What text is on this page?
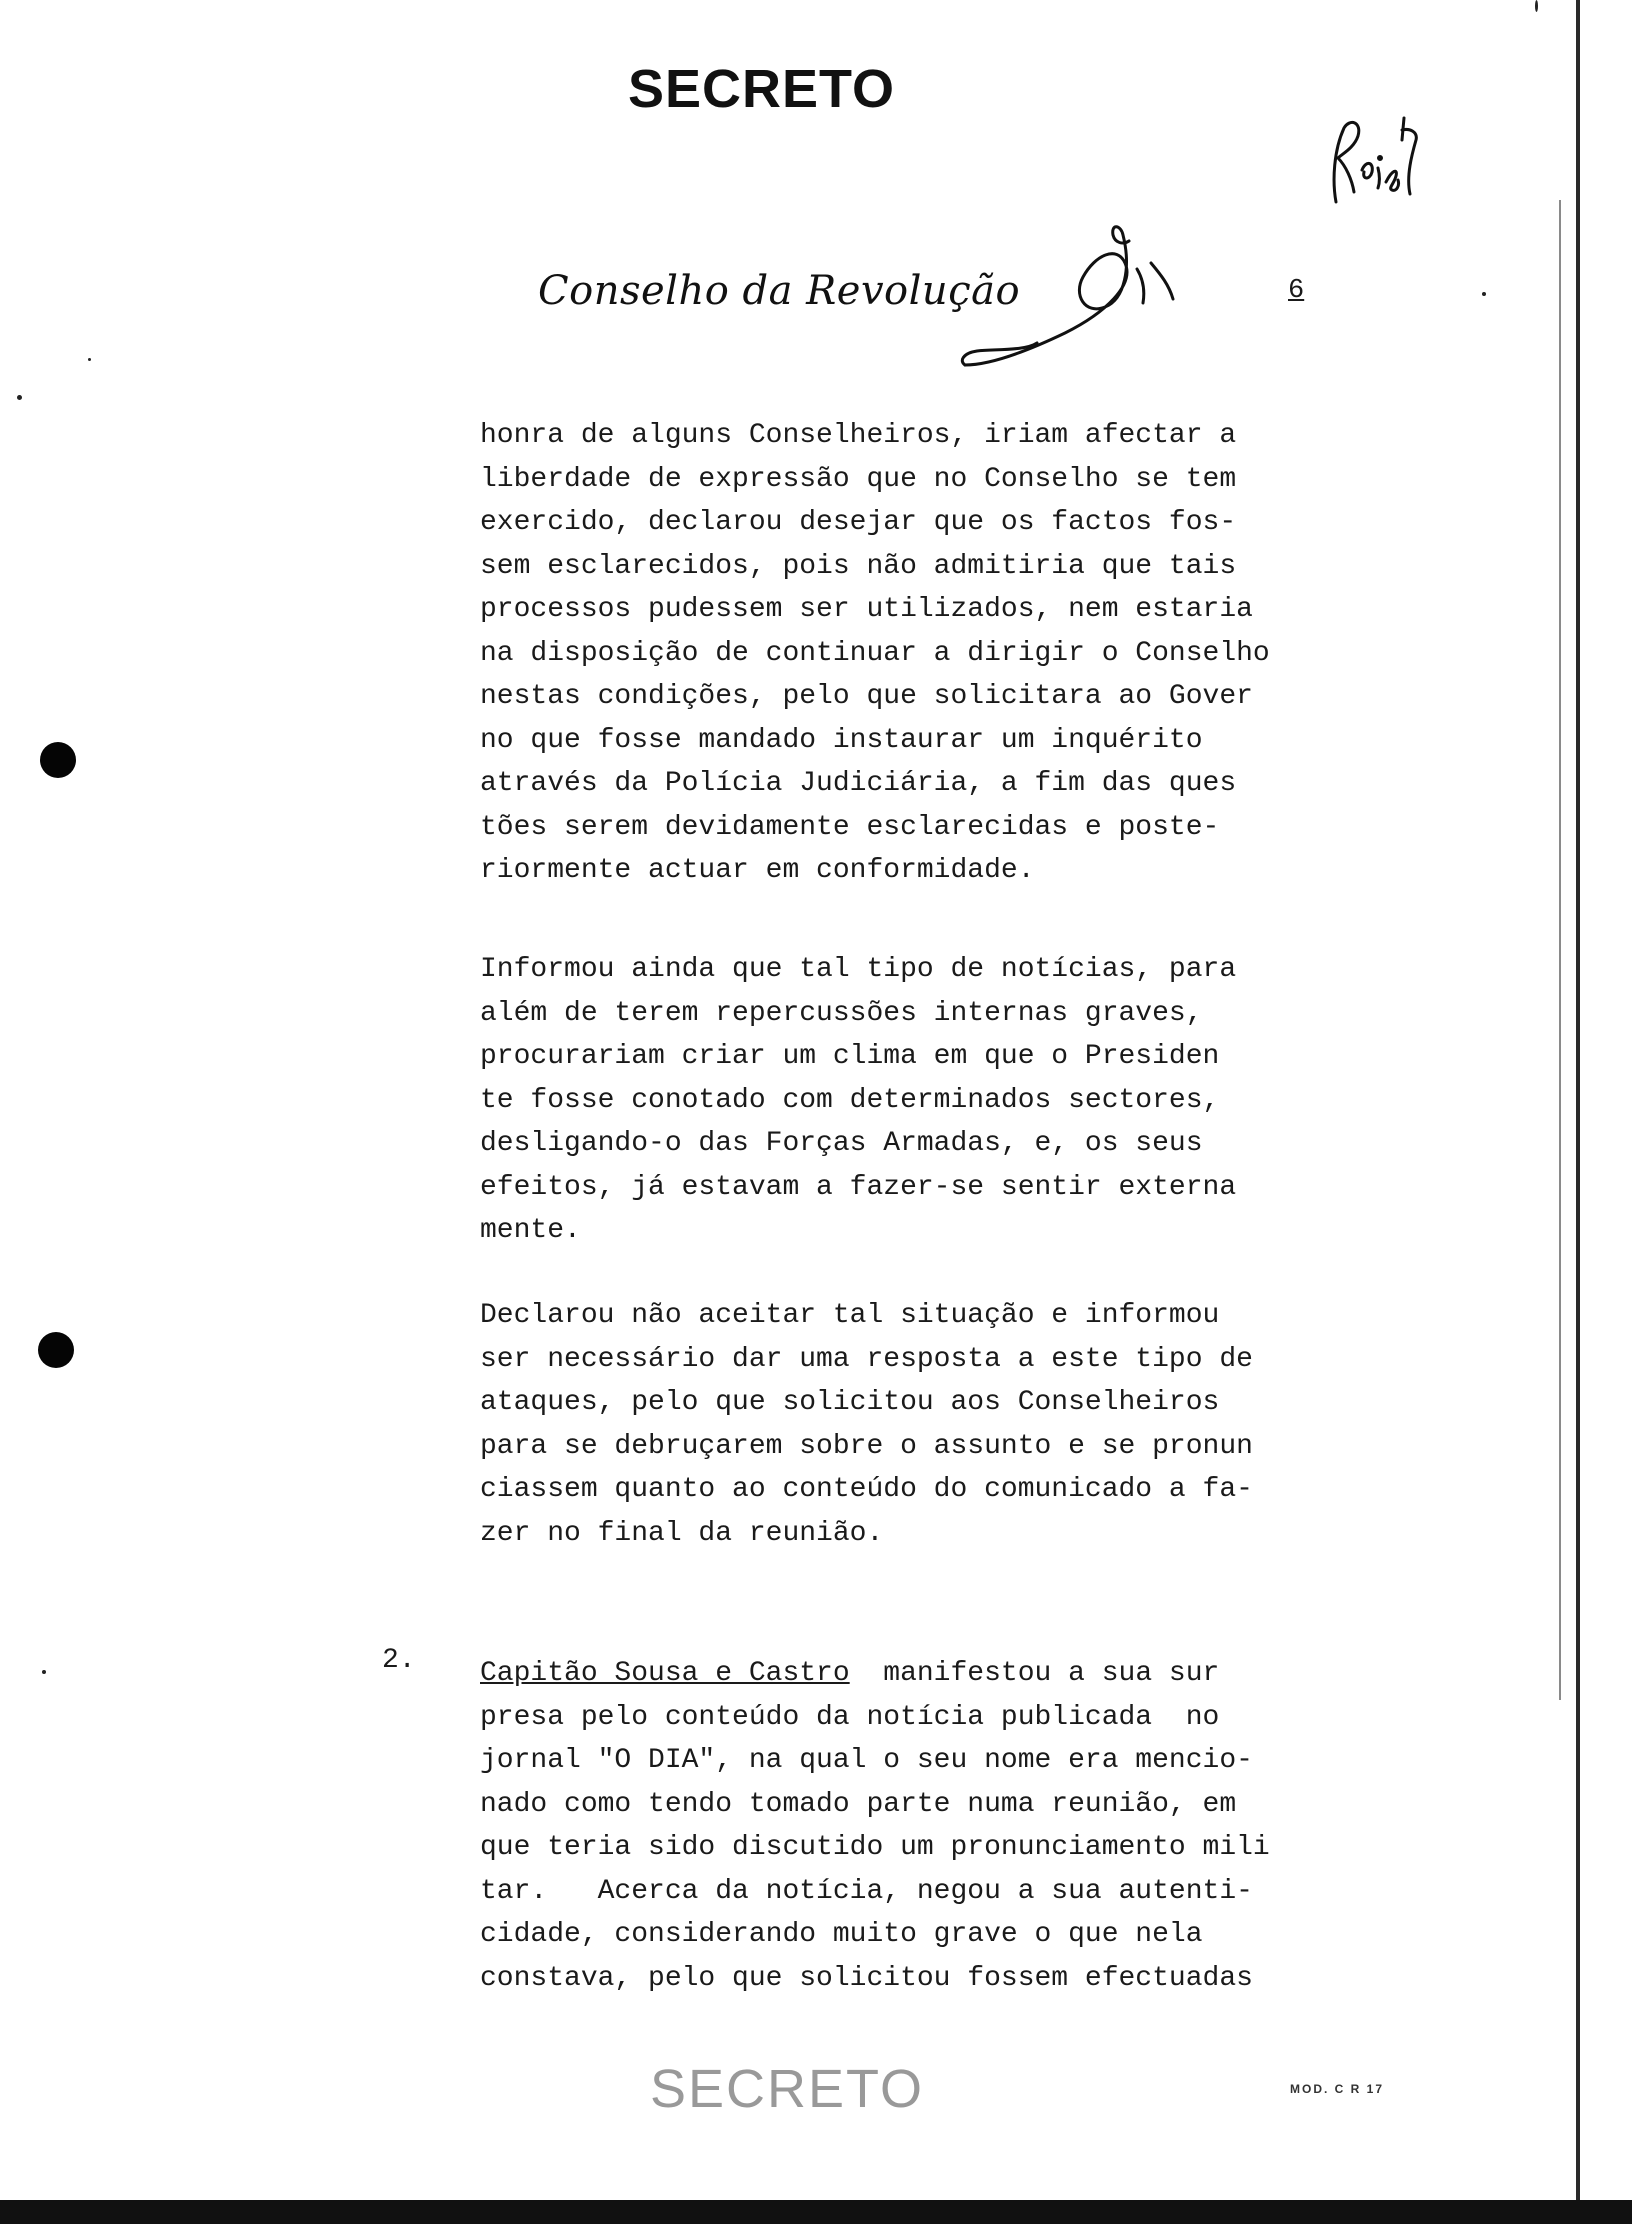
SECRETO
Conselho da Revolução	6
honra de alguns Conselheiros, iriam afectar a
liberdade de expressão que no Conselho se tem
exercido, declarou desejar que os factos fos-
sem esclarecidos, pois não admitiria que tais
processos pudessem ser utilizados, nem estaria
na disposição de continuar a dirigir o Conselho
nestas condições, pelo que solicitara ao Gover
no que fosse mandado instaurar um inquérito
através da Polícia Judiciária, a fim das ques
tões serem devidamente esclarecidas e poste-
riormente actuar em conformidade.
Informou ainda que tal tipo de notícias, para
além de terem repercussões internas graves,
procurariam criar um clima em que o Presiden
te fosse conotado com determinados sectores,
desligando-o das Forças Armadas, e, os seus
efeitos, já estavam a fazer-se sentir externa
mente.
Declarou não aceitar tal situação e informou
ser necessário dar uma resposta a este tipo de
ataques, pelo que solicitou aos Conselheiros
para se debruçarem sobre o assunto e se pronun
ciassem quanto ao conteúdo do comunicado a fa-
zer no final da reunião.
2. Capitão Sousa e Castro  manifestou a sua sur
presa pelo conteúdo da notícia publicada  no
jornal "O DIA", na qual o seu nome era mencio-
nado como tendo tomado parte numa reunião, em
que teria sido discutido um pronunciamento mili
tar.   Acerca da notícia, negou a sua autenti-
cidade, considerando muito grave o que nela
constava, pelo que solicitou fossem efectuadas
SECRETO	MOD. C R 17
